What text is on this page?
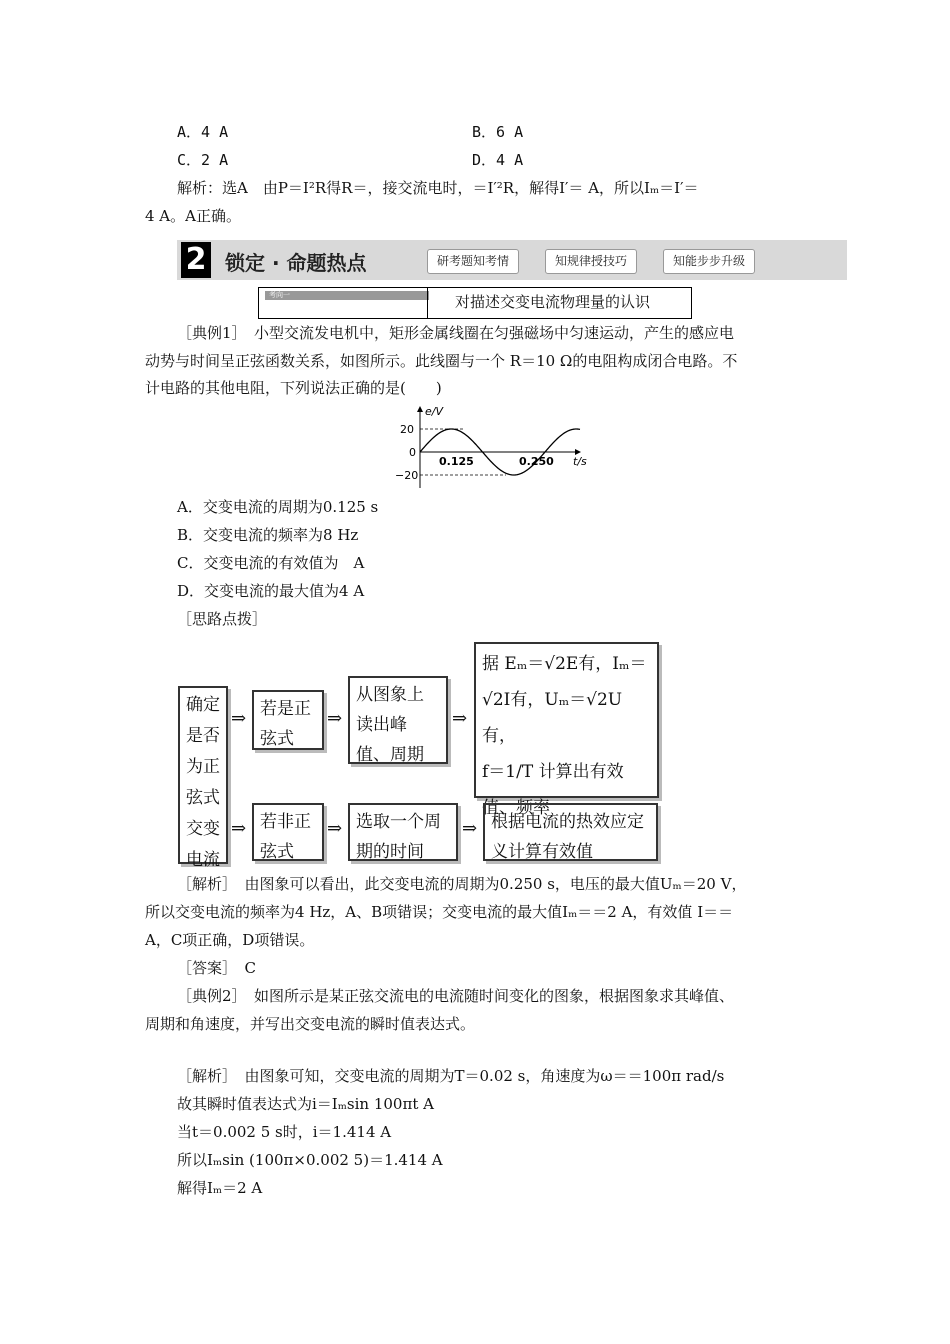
A．4 A	B．6 A
C．2 A	D．4 A
解析：选A　由P＝I²R得R＝，接交流电时，＝I′²R，解得I′＝ A，所以Iₘ＝I′＝
4 A。A正确。
2 锁定 · 命题热点	研考题知考情	知规律授技巧	知能步步升级
考向一	对描述交变电流物理量的认识
［典例1］　小型交流发电机中，矩形金属线圈在匀强磁场中匀速运动，产生的感应电
动势与时间呈正弦函数关系，如图所示。此线圈与一个 R＝10 Ω的电阻构成闭合电路。不
计电路的其他电阻，下列说法正确的是(　　)
e/V
20
0
−20
0.125	0.250 t/s
A．交变电流的周期为0.125 s
B．交变电流的频率为8 Hz
C．交变电流的有效值为　A
D．交变电流的最大值为4 A
［思路点拨］
确定是否为正弦式交变电流
⇒ 若是正弦式
⇒
从图象上读出峰值、周期
⇒
据 Eₘ＝√2E有，Iₘ＝
√2I有，Uₘ＝√2U有，
f＝1/T 计算出有效
值、频率
⇒ 若非正弦式
⇒ 选取一个周期的时间
⇒ 根据电流的热效应定义计算有效值
［解析］　由图象可以看出，此交变电流的周期为0.250 s，电压的最大值Uₘ＝20 V，
所以交变电流的频率为4 Hz，A、B项错误；交变电流的最大值Iₘ＝＝2 A，有效值 I＝＝
A，C项正确，D项错误。
［答案］　C
［典例2］　如图所示是某正弦交流电的电流随时间变化的图象，根据图象求其峰值、
周期和角速度，并写出交变电流的瞬时值表达式。
［解析］　由图象可知，交变电流的周期为T＝0.02 s，角速度为ω＝＝100π rad/s
故其瞬时值表达式为i＝Iₘsin 100πt A
当t＝0.002 5 s时，i＝1.414 A
所以Iₘsin (100π×0.002 5)＝1.414 A
解得Iₘ＝2 A
